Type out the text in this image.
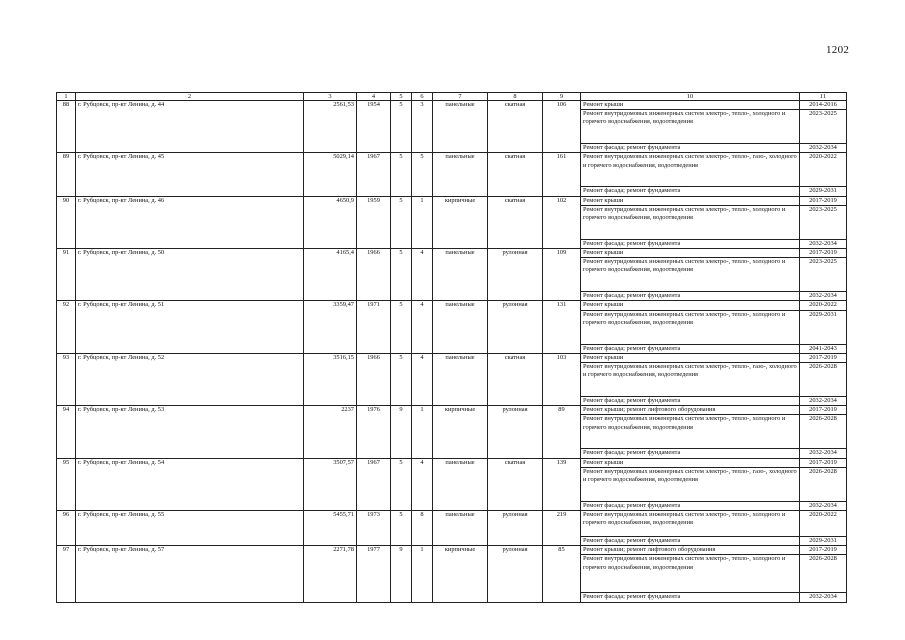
1202
1	2	3	4	5	6	7	8	9	10	11
88	г. Рубцовск, пр-кт Ленина, д. 44	2561,53	1954	5	3	панельные	скатная	106	Ремонт крыши	2014-2016
									Ремонт внутридомовых инженерных систем электро-, тепло-, холодного и горячего водоснабжения, водоотведения	2023-2025
									Ремонт фасада; ремонт фундамента	2032-2034
89	г. Рубцовск, пр-кт Ленина, д. 45	5029,14	1967	5	5	панельные	скатная	161	Ремонт внутридомовых инженерных систем электро-, тепло-, газо-, холодного и горячего водоснабжения, водоотведения	2020-2022
									Ремонт фасада; ремонт фундамента	2029-2031
90	г. Рубцовск, пр-кт Ленина, д. 46	4650,9	1959	5	1	кирпичные	скатная	102	Ремонт крыши	2017-2019
									Ремонт внутридомовых инженерных систем электро-, тепло-, холодного и горячего водоснабжения, водоотведения	2023-2025
									Ремонт фасада; ремонт фундамента	2032-2034
91	г. Рубцовск, пр-кт Ленина, д. 50	4165,4	1966	5	4	панельные	рулонная	109	Ремонт крыши	2017-2019
									Ремонт внутридомовых инженерных систем электро-, тепло-, холодного и горячего водоснабжения, водоотведения	2023-2025
									Ремонт фасада; ремонт фундамента	2032-2034
92	г. Рубцовск, пр-кт Ленина, д. 51	3359,47	1971	5	4	панельные	рулонная	131	Ремонт крыши	2020-2022
									Ремонт внутридомовых инженерных систем электро-, тепло-, холодного и горячего водоснабжения, водоотведения	2029-2031
									Ремонт фасада; ремонт фундамента	2041-2043
93	г. Рубцовск, пр-кт Ленина, д. 52	3516,15	1966	5	4	панельные	скатная	103	Ремонт крыши	2017-2019
									Ремонт внутридомовых инженерных систем электро-, тепло-, газо-, холодного и горячего водоснабжения, водоотведения	2026-2028
									Ремонт фасада; ремонт фундамента	2032-2034
94	г. Рубцовск, пр-кт Ленина, д. 53	2237	1976	9	1	кирпичные	рулонная	89	Ремонт крыши; ремонт лифтового оборудования	2017-2019
									Ремонт внутридомовых инженерных систем электро-, тепло-, холодного и горячего водоснабжения, водоотведения	2026-2028
									Ремонт фасада; ремонт фундамента	2032-2034
95	г. Рубцовск, пр-кт Ленина, д. 54	3507,57	1967	5	4	панельные	скатная	139	Ремонт крыши	2017-2019
									Ремонт внутридомовых инженерных систем электро-, тепло-, газо-, холодного и горячего водоснабжения, водоотведения	2026-2028
									Ремонт фасада; ремонт фундамента	2032-2034
96	г. Рубцовск, пр-кт Ленина, д. 55	5455,71	1973	5	8	панельные	рулонная	219	Ремонт внутридомовых инженерных систем электро-, тепло-, холодного и горячего водоснабжения, водоотведения	2020-2022
									Ремонт фасада; ремонт фундамента	2029-2031
97	г. Рубцовск, пр-кт Ленина, д. 57	2271,78	1977	9	1	кирпичные	рулонная	85	Ремонт крыши; ремонт лифтового оборудования	2017-2019
									Ремонт внутридомовых инженерных систем электро-, тепло-, холодного и горячего водоснабжения, водоотведения	2026-2028
									Ремонт фасада; ремонт фундамента	2032-2034
